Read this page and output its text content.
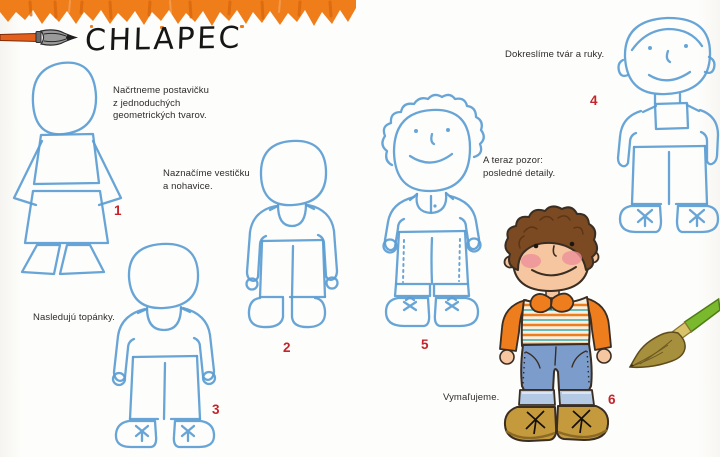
CHLAPEC
Načrtneme postavičku
z jednoduchých
geometrických tvarov.
Naznačíme vestičku
a nohavice.
Nasledujú topánky.
Dokreslíme tvár a ruky.
A teraz pozor:
posledné detaily.
Vymaľujeme.
1
2
3
4
5
6
